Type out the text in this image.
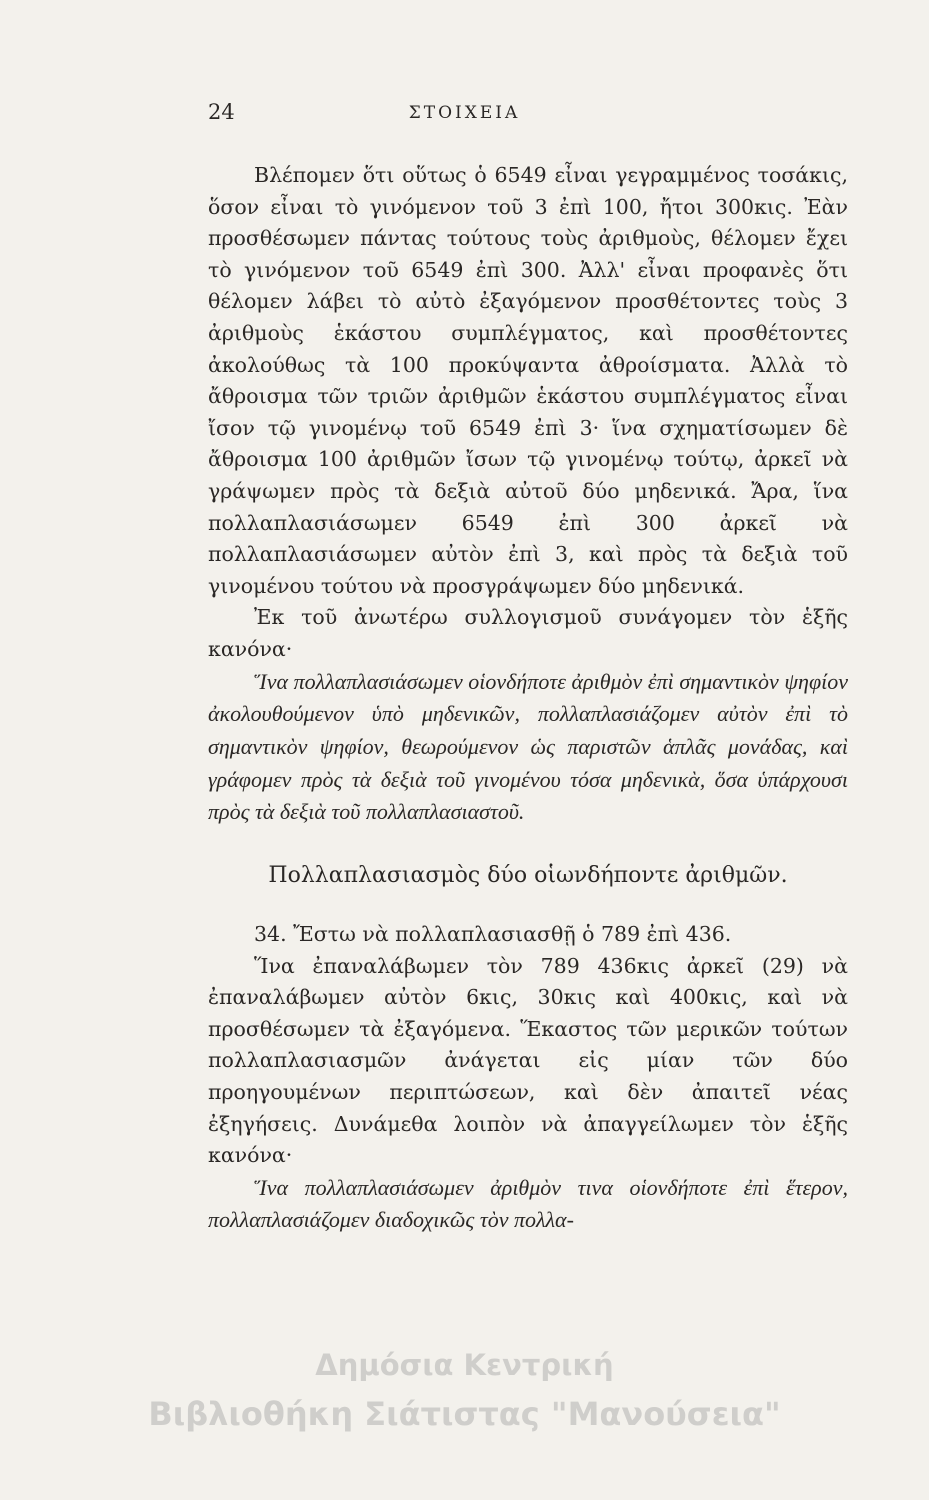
24	ΣΤΟΙΧΕΙΑ

Βλέπομεν ὅτι οὕτως ὁ 6549 εἶναι γεγραμμένος τοσάκις, ὅσον εἶναι τὸ γινόμενον τοῦ 3 ἐπὶ 100, ἤτοι 300κις. Ἐὰν προσθέσωμεν πάντας τούτους τοὺς ἀριθμοὺς, θέλομεν ἔχει τὸ γινόμενον τοῦ 6549 ἐπὶ 300. Ἀλλ' εἶναι προφανὲς ὅτι θέλομεν λάβει τὸ αὐτὸ ἐξαγόμενον προσθέτοντες τοὺς 3 ἀριθμοὺς ἑκάστου συμπλέγματος, καὶ προσθέτοντες ἀκολούθως τὰ 100 προκύψαντα ἀθροίσματα. Ἀλλὰ τὸ ἄθροισμα τῶν τριῶν ἀριθμῶν ἑκάστου συμπλέγματος εἶναι ἴσον τῷ γινομένῳ τοῦ 6549 ἐπὶ 3· ἵνα σχηματίσωμεν δὲ ἄθροισμα 100 ἀριθμῶν ἴσων τῷ γινομένῳ τούτῳ, ἀρκεῖ νὰ γράψωμεν πρὸς τὰ δεξιὰ αὐτοῦ δύο μηδενικά. Ἄρα, ἵνα πολλαπλασιάσωμεν 6549 ἐπὶ 300 ἀρκεῖ νὰ πολλαπλασιάσωμεν αὐτὸν ἐπὶ 3, καὶ πρὸς τὰ δεξιὰ τοῦ γινομένου τούτου νὰ προσγράψωμεν δύο μηδενικά.

Ἐκ τοῦ ἀνωτέρω συλλογισμοῦ συνάγομεν τὸν ἑξῆς κανόνα·

Ἵνα πολλαπλασιάσωμεν οἱονδήποτε ἀριθμὸν ἐπὶ σημαντικὸν ψηφίον ἀκολουθούμενον ὑπὸ μηδενικῶν, πολλαπλασιάζομεν αὐτὸν ἐπὶ τὸ σημαντικὸν ψηφίον, θεωρούμενον ὡς παριστῶν ἁπλᾶς μονάδας, καὶ γράφομεν πρὸς τὰ δεξιὰ τοῦ γινομένου τόσα μηδενικὰ, ὅσα ὑπάρχουσι πρὸς τὰ δεξιὰ τοῦ πολλαπλασιαστοῦ.

Πολλαπλασιασμὸς δύο οἱωνδήποντε ἀριθμῶν.

34. Ἔστω νὰ πολλαπλασιασθῇ ὁ 789 ἐπὶ 436.

Ἵνα ἐπαναλάβωμεν τὸν 789 436κις ἀρκεῖ (29) νὰ ἐπαναλάβωμεν αὐτὸν 6κις, 30κις καὶ 400κις, καὶ νὰ προσθέσωμεν τὰ ἐξαγόμενα. Ἕκαστος τῶν μερικῶν τούτων πολλαπλασιασμῶν ἀνάγεται εἰς μίαν τῶν δύο προηγουμένων περιπτώσεων, καὶ δὲν ἀπαιτεῖ νέας ἐξηγήσεις. Δυνάμεθα λοιπὸν νὰ ἀπαγγείλωμεν τὸν ἑξῆς κανόνα·

Ἵνα πολλαπλασιάσωμεν ἀριθμὸν τινα οἱονδήποτε ἐπὶ ἕτερον, πολλαπλασιάζομεν διαδοχικῶς τὸν πολλα-

Δημόσια Κεντρική
Βιβλιοθήκη Σιάτιστας "Μανούσεια"
